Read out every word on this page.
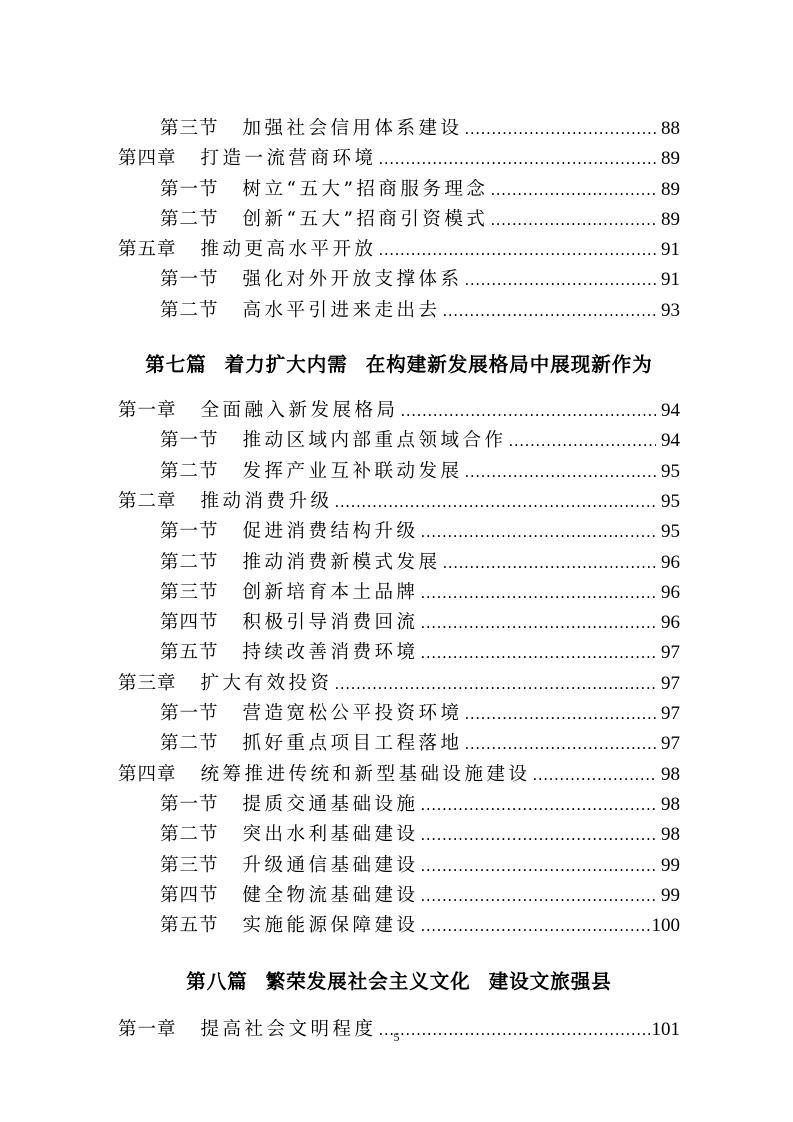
第三节 加强社会信用体系建设 .....	88
第四章 打造一流营商环境 .....	89
第一节 树立“五大”招商服务理念 .....	89
第二节 创新“五大”招商引资模式 .....	89
第五章 推动更高水平开放 .....	91
第一节 强化对外开放支撑体系 .....	91
第二节 高水平引进来走出去 .....	93
第七篇 着力扩大内需 在构建新发展格局中展现新作为
第一章 全面融入新发展格局 .....	94
第一节 推动区域内部重点领域合作 .....	94
第二节 发挥产业互补联动发展 .....	95
第二章 推动消费升级 .....	95
第一节 促进消费结构升级 .....	95
第二节 推动消费新模式发展 .....	96
第三节 创新培育本土品牌 .....	96
第四节 积极引导消费回流 .....	96
第五节 持续改善消费环境 .....	97
第三章 扩大有效投资 .....	97
第一节 营造宽松公平投资环境 .....	97
第二节 抓好重点项目工程落地 .....	97
第四章 统筹推进传统和新型基础设施建设 .....	98
第一节 提质交通基础设施 .....	98
第二节 突出水利基础建设 .....	98
第三节 升级通信基础建设 .....	99
第四节 健全物流基础建设 .....	99
第五节 实施能源保障建设 .....	100
第八篇 繁荣发展社会主义文化 建设文旅强县
第一章 提高社会文明程度 .....	101
5
